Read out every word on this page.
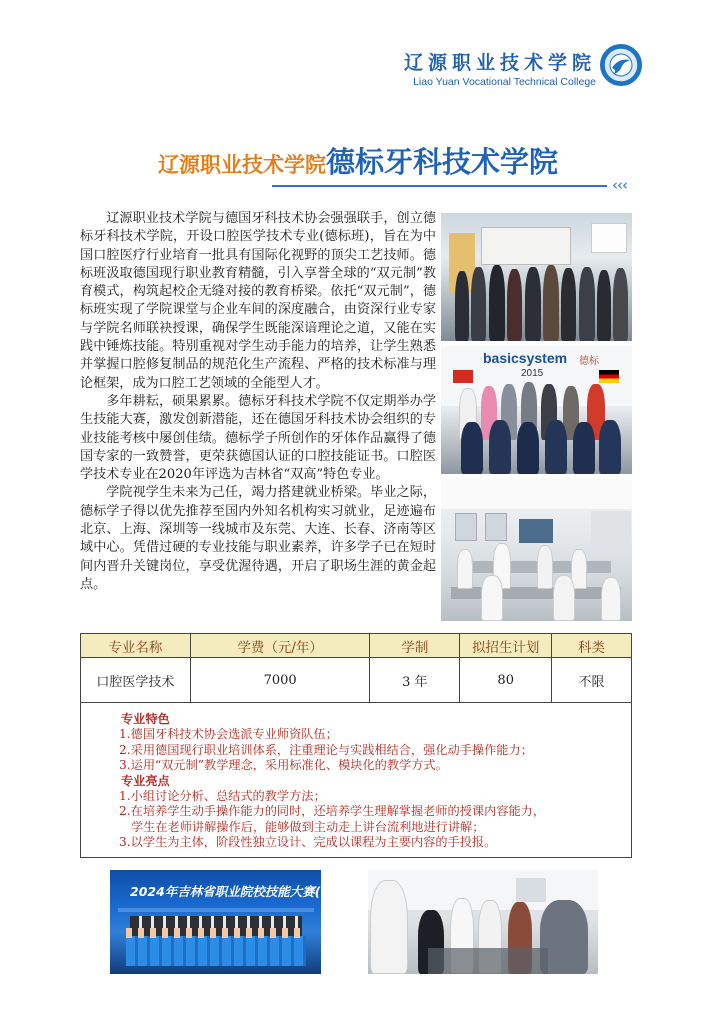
辽源职业技术学院
Liao Yuan Vocational Technical College
辽源职业技术学院德标牙科技术学院
‹‹‹

辽源职业技术学院与德国牙科技术协会强强联手，创立德标牙科技术学院，开设口腔医学技术专业(德标班)，旨在为中国口腔医疗行业培育一批具有国际化视野的顶尖工艺技师。德标班汲取德国现行职业教育精髓，引入享誉全球的“双元制”教育模式，构筑起校企无缝对接的教育桥梁。依托“双元制”，德标班实现了学院课堂与企业车间的深度融合，由资深行业专家与学院名师联袂授课，确保学生既能深谙理论之道，又能在实践中锤炼技能。特别重视对学生动手能力的培养，让学生熟悉并掌握口腔修复制品的规范化生产流程、严格的技术标准与理论框架，成为口腔工艺领域的全能型人才。

多年耕耘，硕果累累。德标牙科技术学院不仅定期举办学生技能大赛，激发创新潜能，还在德国牙科技术协会组织的专业技能考核中屡创佳绩。德标学子所创作的牙体作品赢得了德国专家的一致赞誉，更荣获德国认证的口腔技能证书。口腔医学技术专业在2020年评选为吉林省“双高”特色专业。

学院视学生未来为己任，竭力搭建就业桥梁。毕业之际，德标学子得以优先推荐至国内外知名机构实习就业，足迹遍布北京、上海、深圳等一线城市及东莞、大连、长春、济南等区域中心。凭借过硬的专业技能与职业素养，许多学子已在短时间内晋升关键岗位，享受优渥待遇，开启了职场生涯的黄金起点。

basicsystem 德标
2015
专业名称	学费（元/年）	学制	拟招生计划	科类
口腔医学技术	7000	3 年	80	不限
专业特色
1.德国牙科技术协会选派专业师资队伍；
2.采用德国现行职业培训体系，注重理论与实践相结合，强化动手操作能力；
3.运用“双元制”教学理念，采用标准化、模块化的教学方式。
专业亮点
1.小组讨论分析、总结式的教学方法；
2.在培养学生动手操作能力的同时，还培养学生理解掌握老师的授课内容能力，
学生在老师讲解操作后，能够做到主动走上讲台流利地进行讲解；
3.以学生为主体，阶段性独立设计、完成以课程为主要内容的手投报。
2024年吉林省职业院校技能大赛(高职组)
